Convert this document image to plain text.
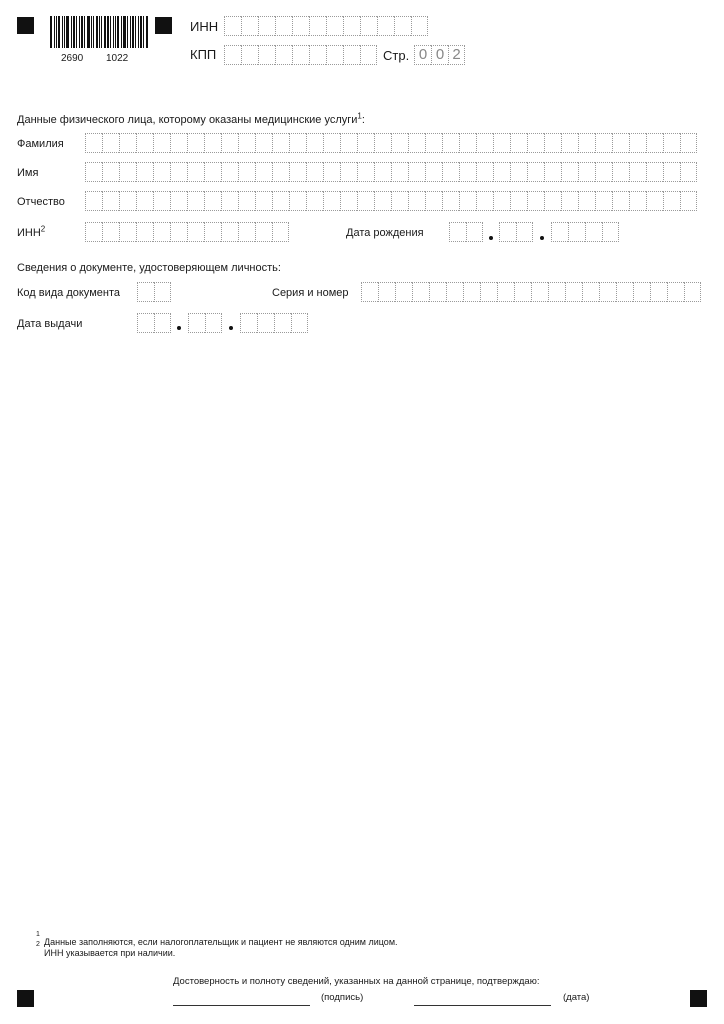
2690 1022
ИНН
КПП	Стр. 0 0 2
Данные физического лица, которому оказаны медицинские услуги$^1$:
Фамилия
Имя
Отчество
ИНН$^2$	Дата рождения
Сведения о документе, удостоверяющем личность:
Код вида документа	Серия и номер
Дата выдачи
1
2 Данные заполняются, если налогоплательщик и пациент не являются одним лицом.
ИНН указывается при наличии.
Достоверность и полноту сведений, указанных на данной странице, подтверждаю:
(подпись)	(дата)
